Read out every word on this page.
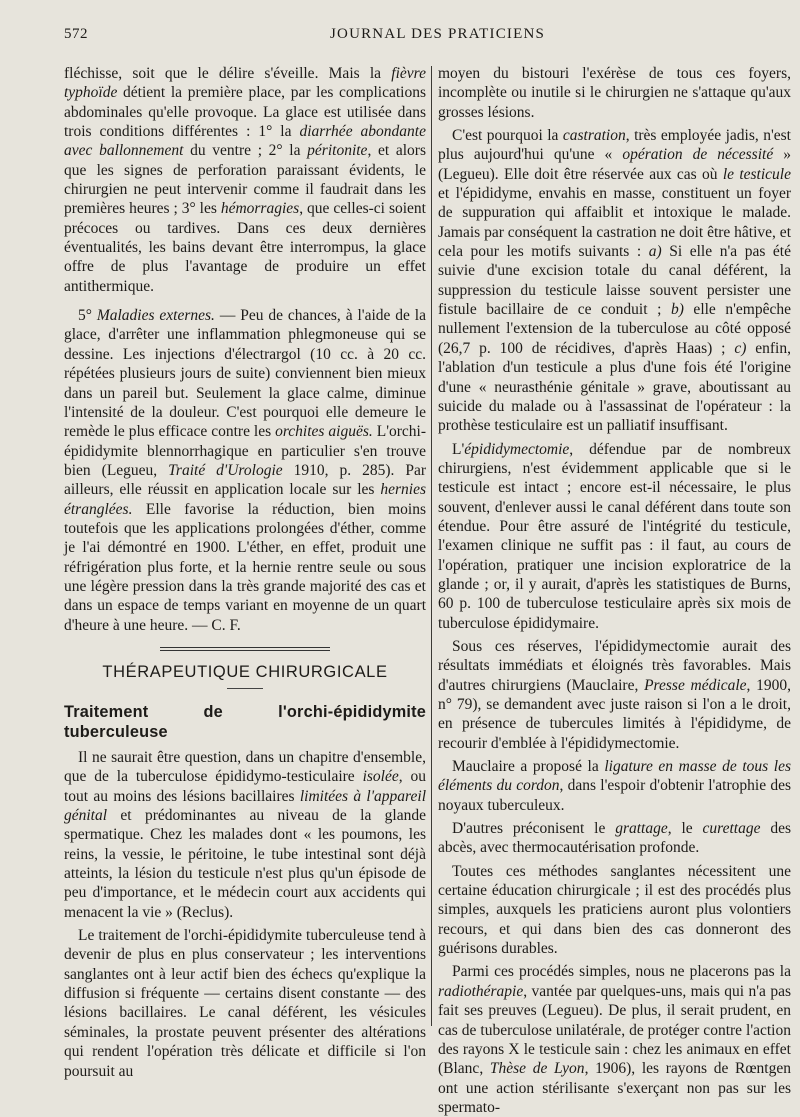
572	JOURNAL DES PRATICIENS

fléchisse, soit que le délire s'éveille. Mais la fièvre typhoïde détient la première place, par les complications abdominales qu'elle provoque. La glace est utilisée dans trois conditions différentes : 1° la diarrhée abondante avec ballonnement du ventre ; 2° la péritonite, et alors que les signes de perforation paraissant évidents, le chirurgien ne peut intervenir comme il faudrait dans les premières heures ; 3° les hémorragies, que celles-ci soient précoces ou tardives. Dans ces deux dernières éventualités, les bains devant être interrompus, la glace offre de plus l'avantage de produire un effet antithermique.

5° Maladies externes. — Peu de chances, à l'aide de la glace, d'arrêter une inflammation phlegmoneuse qui se dessine. Les injections d'électrargol (10 cc. à 20 cc. répétées plusieurs jours de suite) conviennent bien mieux dans un pareil but. Seulement la glace calme, diminue l'intensité de la douleur. C'est pourquoi elle demeure le remède le plus efficace contre les orchites aiguës. L'orchi-épididymite blennorrhagique en particulier s'en trouve bien (Legueu, Traité d'Urologie 1910, p. 285). Par ailleurs, elle réussit en application locale sur les hernies étranglées. Elle favorise la réduction, bien moins toutefois que les applications prolongées d'éther, comme je l'ai démontré en 1900. L'éther, en effet, produit une réfrigération plus forte, et la hernie rentre seule ou sous une légère pression dans la très grande majorité des cas et dans un espace de temps variant en moyenne de un quart d'heure à une heure. — C. F.

THÉRAPEUTIQUE CHIRURGICALE
Traitement de l'orchi-épididymite tuberculeuse

Il ne saurait être question, dans un chapitre d'ensemble, que de la tuberculose épididymo-testiculaire isolée, ou tout au moins des lésions bacillaires limitées à l'appareil génital et prédominantes au niveau de la glande spermatique. Chez les malades dont « les poumons, les reins, la vessie, le péritoine, le tube intestinal sont déjà atteints, la lésion du testicule n'est plus qu'un épisode de peu d'importance, et le médecin court aux accidents qui menacent la vie » (Reclus).

Le traitement de l'orchi-épididymite tuberculeuse tend à devenir de plus en plus conservateur ; les interventions sanglantes ont à leur actif bien des échecs qu'explique la diffusion si fréquente — certains disent constante — des lésions bacillaires. Le canal déférent, les vésicules séminales, la prostate peuvent présenter des altérations qui rendent l'opération très délicate et difficile si l'on poursuit au

moyen du bistouri l'exérèse de tous ces foyers, incomplète ou inutile si le chirurgien ne s'attaque qu'aux grosses lésions.

C'est pourquoi la castration, très employée jadis, n'est plus aujourd'hui qu'une « opération de nécessité » (Legueu). Elle doit être réservée aux cas où le testicule et l'épididyme, envahis en masse, constituent un foyer de suppuration qui affaiblit et intoxique le malade. Jamais par conséquent la castration ne doit être hâtive, et cela pour les motifs suivants : a) Si elle n'a pas été suivie d'une excision totale du canal déférent, la suppression du testicule laisse souvent persister une fistule bacillaire de ce conduit ; b) elle n'empêche nullement l'extension de la tuberculose au côté opposé (26,7 p. 100 de récidives, d'après Haas) ; c) enfin, l'ablation d'un testicule a plus d'une fois été l'origine d'une « neurasthénie génitale » grave, aboutissant au suicide du malade ou à l'assassinat de l'opérateur : la prothèse testiculaire est un palliatif insuffisant.

L'épididymectomie, défendue par de nombreux chirurgiens, n'est évidemment applicable que si le testicule est intact ; encore est-il nécessaire, le plus souvent, d'enlever aussi le canal déférent dans toute son étendue. Pour être assuré de l'intégrité du testicule, l'examen clinique ne suffit pas : il faut, au cours de l'opération, pratiquer une incision exploratrice de la glande ; or, il y aurait, d'après les statistiques de Burns, 60 p. 100 de tuberculose testiculaire après six mois de tuberculose épididymaire.

Sous ces réserves, l'épididymectomie aurait des résultats immédiats et éloignés très favorables. Mais d'autres chirurgiens (Mauclaire, Presse médicale, 1900, n° 79), se demandent avec juste raison si l'on a le droit, en présence de tubercules limités à l'épididyme, de recourir d'emblée à l'épididymectomie.

Mauclaire a proposé la ligature en masse de tous les éléments du cordon, dans l'espoir d'obtenir l'atrophie des noyaux tuberculeux.

D'autres préconisent le grattage, le curettage des abcès, avec thermocautérisation profonde.

Toutes ces méthodes sanglantes nécessitent une certaine éducation chirurgicale ; il est des procédés plus simples, auxquels les praticiens auront plus volontiers recours, et qui dans bien des cas donneront des guérisons durables.

Parmi ces procédés simples, nous ne placerons pas la radiothérapie, vantée par quelques-uns, mais qui n'a pas fait ses preuves (Legueu). De plus, il serait prudent, en cas de tuberculose unilatérale, de protéger contre l'action des rayons X le testicule sain : chez les animaux en effet (Blanc, Thèse de Lyon, 1906), les rayons de Rœntgen ont une action stérilisante s'exerçant non pas sur les spermato-
